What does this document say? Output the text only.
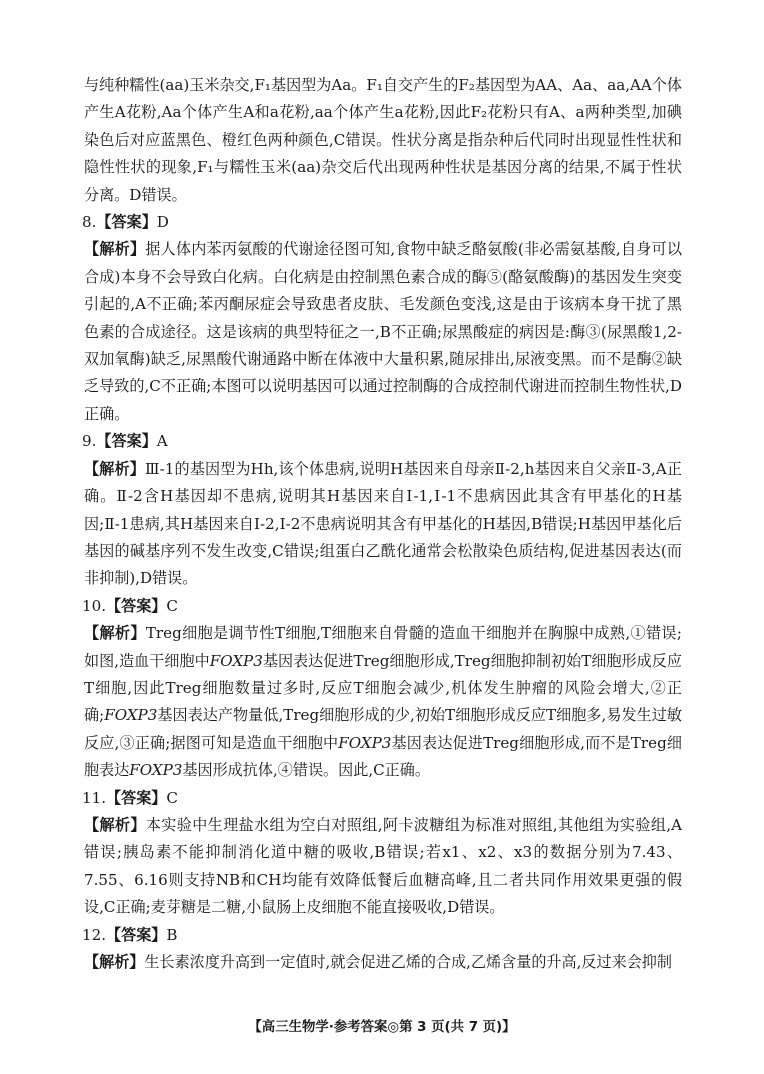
与纯种糯性(aa)玉米杂交,F₁基因型为Aa。F₁自交产生的F₂基因型为AA、Aa、aa,AA个体产生A花粉,Aa个体产生A和a花粉,aa个体产生a花粉,因此F₂花粉只有A、a两种类型,加碘染色后对应蓝黑色、橙红色两种颜色,C错误。性状分离是指杂种后代同时出现显性性状和隐性性状的现象,F₁与糯性玉米(aa)杂交后代出现两种性状是基因分离的结果,不属于性状分离。D错误。

8.【答案】D

【解析】据人体内苯丙氨酸的代谢途径图可知,食物中缺乏酪氨酸(非必需氨基酸,自身可以合成)本身不会导致白化病。白化病是由控制黑色素合成的酶⑤(酪氨酸酶)的基因发生突变引起的,A不正确;苯丙酮尿症会导致患者皮肤、毛发颜色变浅,这是由于该病本身干扰了黑色素的合成途径。这是该病的典型特征之一,B不正确;尿黑酸症的病因是:酶③(尿黑酸1,2-双加氧酶)缺乏,尿黑酸代谢通路中断在体液中大量积累,随尿排出,尿液变黑。而不是酶②缺乏导致的,C不正确;本图可以说明基因可以通过控制酶的合成控制代谢进而控制生物性状,D正确。

9.【答案】A

【解析】Ⅲ-1的基因型为Hh,该个体患病,说明H基因来自母亲Ⅱ-2,h基因来自父亲Ⅱ-3,A正确。Ⅱ-2含H基因却不患病,说明其H基因来自Ⅰ-1,Ⅰ-1不患病因此其含有甲基化的H基因;Ⅱ-1患病,其H基因来自Ⅰ-2,Ⅰ-2不患病说明其含有甲基化的H基因,B错误;H基因甲基化后基因的碱基序列不发生改变,C错误;组蛋白乙酰化通常会松散染色质结构,促进基因表达(而非抑制),D错误。

10.【答案】C

【解析】Treg细胞是调节性T细胞,T细胞来自骨髓的造血干细胞并在胸腺中成熟,①错误;如图,造血干细胞中FOXP3基因表达促进Treg细胞形成,Treg细胞抑制初始T细胞形成反应T细胞,因此Treg细胞数量过多时,反应T细胞会减少,机体发生肿瘤的风险会增大,②正确;FOXP3基因表达产物量低,Treg细胞形成的少,初始T细胞形成反应T细胞多,易发生过敏反应,③正确;据图可知是造血干细胞中FOXP3基因表达促进Treg细胞形成,而不是Treg细胞表达FOXP3基因形成抗体,④错误。因此,C正确。

11.【答案】C

【解析】本实验中生理盐水组为空白对照组,阿卡波糖组为标准对照组,其他组为实验组,A错误;胰岛素不能抑制消化道中糖的吸收,B错误;若x1、x2、x3的数据分别为7.43、7.55、6.16则支持NB和CH均能有效降低餐后血糖高峰,且二者共同作用效果更强的假设,C正确;麦芽糖是二糖,小鼠肠上皮细胞不能直接吸收,D错误。

12.【答案】B

【解析】生长素浓度升高到一定值时,就会促进乙烯的合成,乙烯含量的升高,反过来会抑制

【高三生物学·参考答案◎第 3 页(共 7 页)】
